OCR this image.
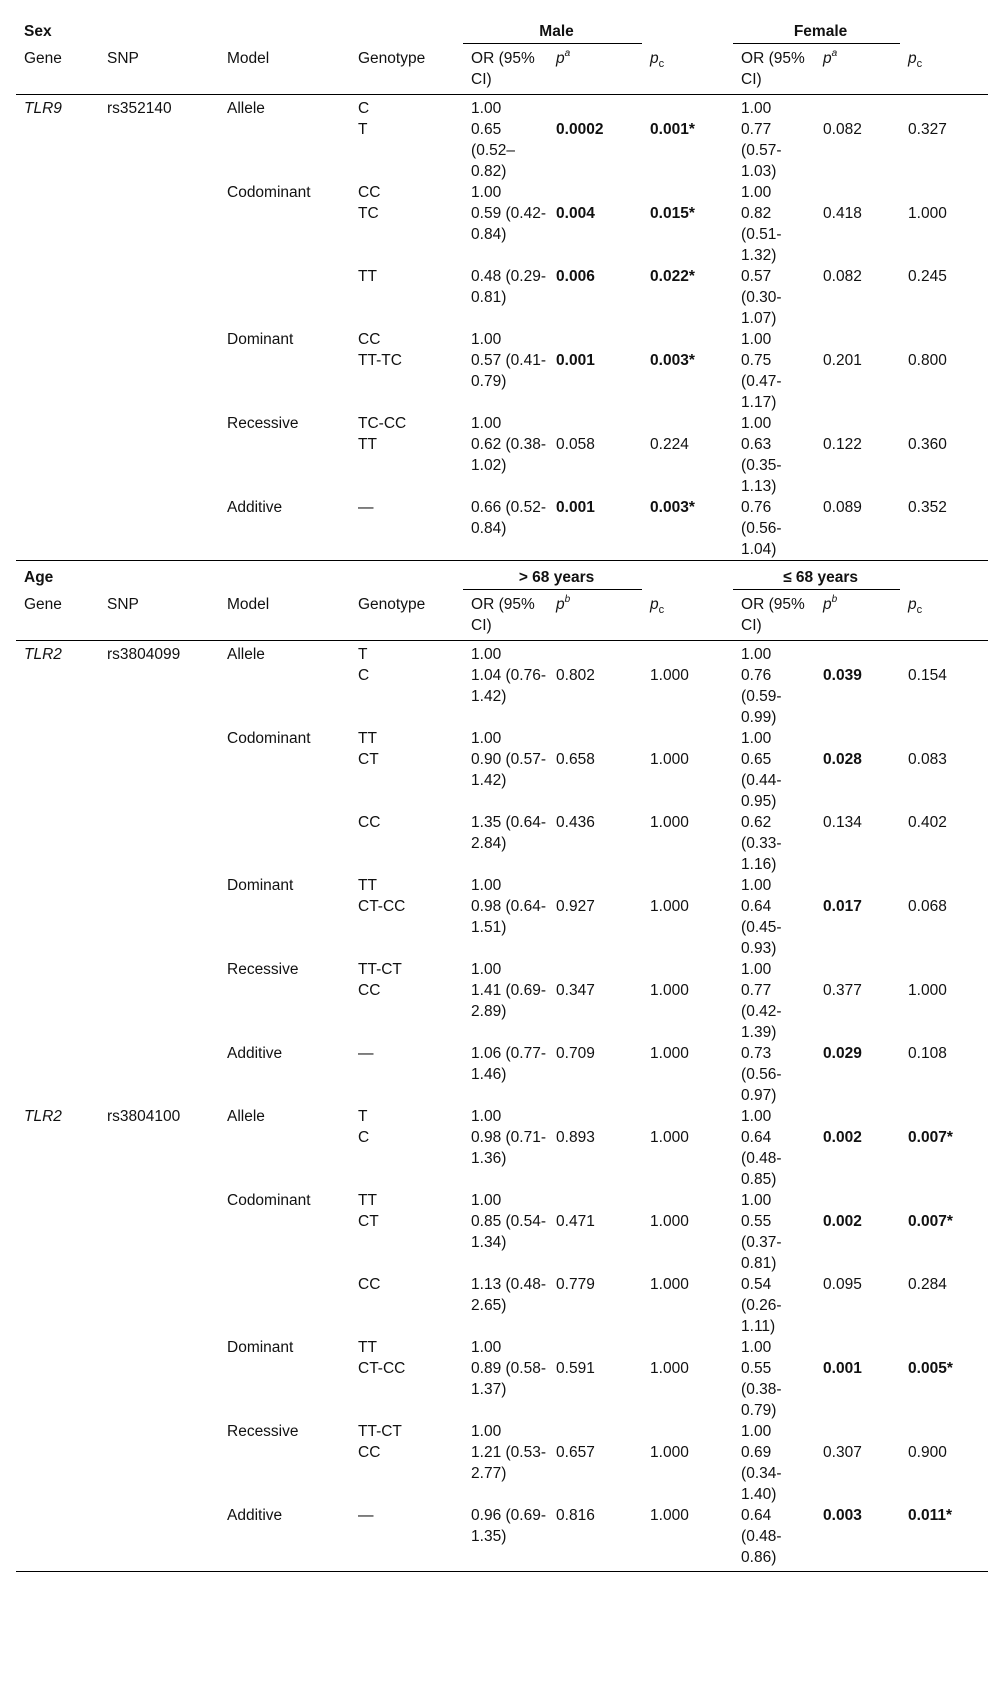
Sex				Male			Female		
Gene	SNP	Model	Genotype	OR (95% CI)	$p^a$	$p_c$	OR (95% CI)	$p^a$	$p_c$
TLR9	rs352140	Allele	C	1.00			1.00		
			T	0.65 (0.52–0.82)	0.0002	0.001*	0.77 (0.57-1.03)	0.082	0.327
		Codominant	CC	1.00			1.00		
			TC	0.59 (0.42-0.84)	0.004	0.015*	0.82 (0.51-1.32)	0.418	1.000
			TT	0.48 (0.29-0.81)	0.006	0.022*	0.57 (0.30-1.07)	0.082	0.245
		Dominant	CC	1.00			1.00		
			TT-TC	0.57 (0.41-0.79)	0.001	0.003*	0.75 (0.47-1.17)	0.201	0.800
		Recessive	TC-CC	1.00			1.00		
			TT	0.62 (0.38-1.02)	0.058	0.224	0.63 (0.35-1.13)	0.122	0.360
		Additive	—	0.66 (0.52-0.84)	0.001	0.003*	0.76 (0.56-1.04)	0.089	0.352
Age				> 68 years			≤ 68 years		
Gene	SNP	Model	Genotype	OR (95% CI)	$p^b$	$p_c$	OR (95% CI)	$p^b$	$p_c$
TLR2	rs3804099	Allele	T	1.00			1.00		
			C	1.04 (0.76-1.42)	0.802	1.000	0.76 (0.59-0.99)	0.039	0.154
		Codominant	TT	1.00			1.00		
			CT	0.90 (0.57-1.42)	0.658	1.000	0.65 (0.44-0.95)	0.028	0.083
			CC	1.35 (0.64-2.84)	0.436	1.000	0.62 (0.33-1.16)	0.134	0.402
		Dominant	TT	1.00			1.00		
			CT-CC	0.98 (0.64-1.51)	0.927	1.000	0.64 (0.45-0.93)	0.017	0.068
		Recessive	TT-CT	1.00			1.00		
			CC	1.41 (0.69-2.89)	0.347	1.000	0.77 (0.42-1.39)	0.377	1.000
		Additive	—	1.06 (0.77-1.46)	0.709	1.000	0.73 (0.56-0.97)	0.029	0.108
TLR2	rs3804100	Allele	T	1.00			1.00		
			C	0.98 (0.71-1.36)	0.893	1.000	0.64 (0.48-0.85)	0.002	0.007*
		Codominant	TT	1.00			1.00		
			CT	0.85 (0.54-1.34)	0.471	1.000	0.55 (0.37-0.81)	0.002	0.007*
			CC	1.13 (0.48-2.65)	0.779	1.000	0.54 (0.26-1.11)	0.095	0.284
		Dominant	TT	1.00			1.00		
			CT-CC	0.89 (0.58-1.37)	0.591	1.000	0.55 (0.38-0.79)	0.001	0.005*
		Recessive	TT-CT	1.00			1.00		
			CC	1.21 (0.53-2.77)	0.657	1.000	0.69 (0.34-1.40)	0.307	0.900
		Additive	—	0.96 (0.69-1.35)	0.816	1.000	0.64 (0.48-0.86)	0.003	0.011*
